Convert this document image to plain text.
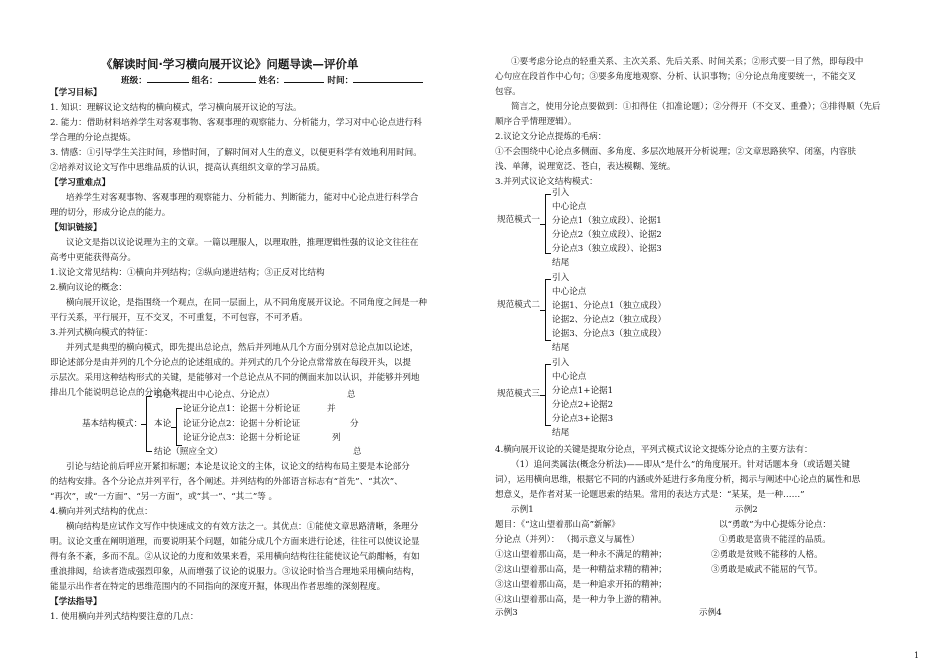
《解读时间·学习横向展开议论》问题导读—评价单
班级：	组名：	姓名：	时间：
【学习目标】
1. 知识：理解议论文结构的横向模式，学习横向展开议论的写法。
2. 能力：借助材料培养学生对客观事物、客观事理的观察能力、分析能力，学习对中心论点进行科
学合理的分论点提炼。
3. 情感：①引导学生关注时间，珍惜时间，了解时间对人生的意义，以便更科学有效地利用时间。
②培养对议论文写作中思维品质的认识，提高认真组织文章的学习品质。
【学习重难点】
培养学生对客观事物、客观事理的观察能力、分析能力、判断能力，能对中心论点进行科学合
理的切分，形成分论点的能力。
【知识链接】
议论文是指以议论说理为主的文章。一篇以理服人，以理取胜，推理逻辑性强的议论文往往在
高考中更能获得高分。
1.议论文常见结构：①横向并列结构；②纵向递进结构；③正反对比结构
2.横向议论的概念：
横向展开议论，是指围绕一个观点，在同一层面上，从不同角度展开议论。不同角度之间是一种
平行关系，平行展开，互不交叉，不可重复，不可包容，不可矛盾。
3.并列式横向模式的特征：
并列式是典型的横向模式，即先提出总论点，然后并列地从几个方面分别对总论点加以论述，
即论述部分是由并列的几个分论点的论述组成的。并列式的几个分论点常常放在每段开头，以提
示层次。采用这种结构形式的关键，是能够对一个总论点从不同的侧面来加以认识，并能够并列地
排出几个能说明总论点的分论点来。
引论（提出中心论点、分论点）	总
基本结构模式： 本论
论证分论点1：论据＋分析论证
论证分论点2：论据＋分析论证
论证分论点3：论据＋分析论证
并
分
列
结论（照应全文）	总
引论与结论前后呼应开紧扣标题；本论是议论文的主体，议论文的结构布局主要是本论部分
的结构安排。各个分论点并列平行，各个阐述。并列结构的外部语言标志有“首先”、“其次”、
“再次”，或“一方面”、“另一方面”，或“其一”、“其二”等 。
4.横向并列式结构的优点：
横向结构是应试作文写作中快速成文的有效方法之一。其优点：①能使文章思路清晰，条理分
明。议论文重在阐明道理，而要说明某个问题，如能分成几个方面来进行论述，往往可以使议论显
得有条不紊，多而不乱。②从议论的力度和效果来看，采用横向结构往往能使议论气韵酣畅，有如
重浪排闼，给读者造成强烈印象，从而增强了议论的说服力。③议论时恰当合理地采用横向结构，
能显示出作者在特定的思维范围内的不同指向的深度开掘，体现出作者思维的深刻程度。
【学法指导】
1. 使用横向并列式结构要注意的几点：
①要考虑分论点的轻重关系、主次关系、先后关系、时间关系；②形式要一目了然，即每段中
心句应在段首作中心句；③要多角度地观察、分析、认识事物；④分论点角度要统一，不能交叉
包容。
简言之，使用分论点要做到：①扣得住（扣准论题）；②分得开（不交叉、重叠）；③排得顺（先后
顺序合乎情理逻辑）。
2.议论文分论点提炼的毛病：
①不会围绕中心论点多侧面、多角度、多层次地展开分析说理；②文章思路狭窄、闭塞，内容肤
浅、单薄，说理宽泛、苍白，表达模糊、笼统。
3.并列式议论文结构模式：
规范模式一
引入
中心论点
分论点1（独立成段）、论据1
分论点2（独立成段）、论据2
分论点3（独立成段）、论据3
结尾
规范模式二
引入
中心论点
论据1、分论点1（独立成段）
论据2、分论点2（独立成段）
论据3、分论点3（独立成段）
结尾
规范模式三
引入
中心论点
分论点1+论据1
分论点2+论据2
分论点3+论据3
结尾
4.横向展开议论的关键是提取分论点，平列式模式议论文提炼分论点的主要方法有：
（1）追问类属法(概念分析法)——即从“是什么”的角度展开。针对话题本身（或话题关键
词），运用横向思维，根据它不同的内涵或外延进行多角度分析，揭示与阐述中心论点的属性和思
想意义，是作者对某一论题思索的结果。常用的表达方式是：“某某，是一种……”
示例1	示例2
题目：《“这山望着那山高”新解》	以“勇敢”为中心提炼分论点：
分论点（并列）： （揭示意义与属性）	①勇敢是富贵不能淫的品质。
①这山望着那山高，是一种永不满足的精神；	②勇敢是贫贱不能移的人格。
②这山望着那山高，是一种精益求精的精神；	③勇敢是威武不能屈的气节。
③这山望着那山高，是一种追求开拓的精神；
④这山望着那山高，是一种力争上游的精神。
示例3	示例4
1
